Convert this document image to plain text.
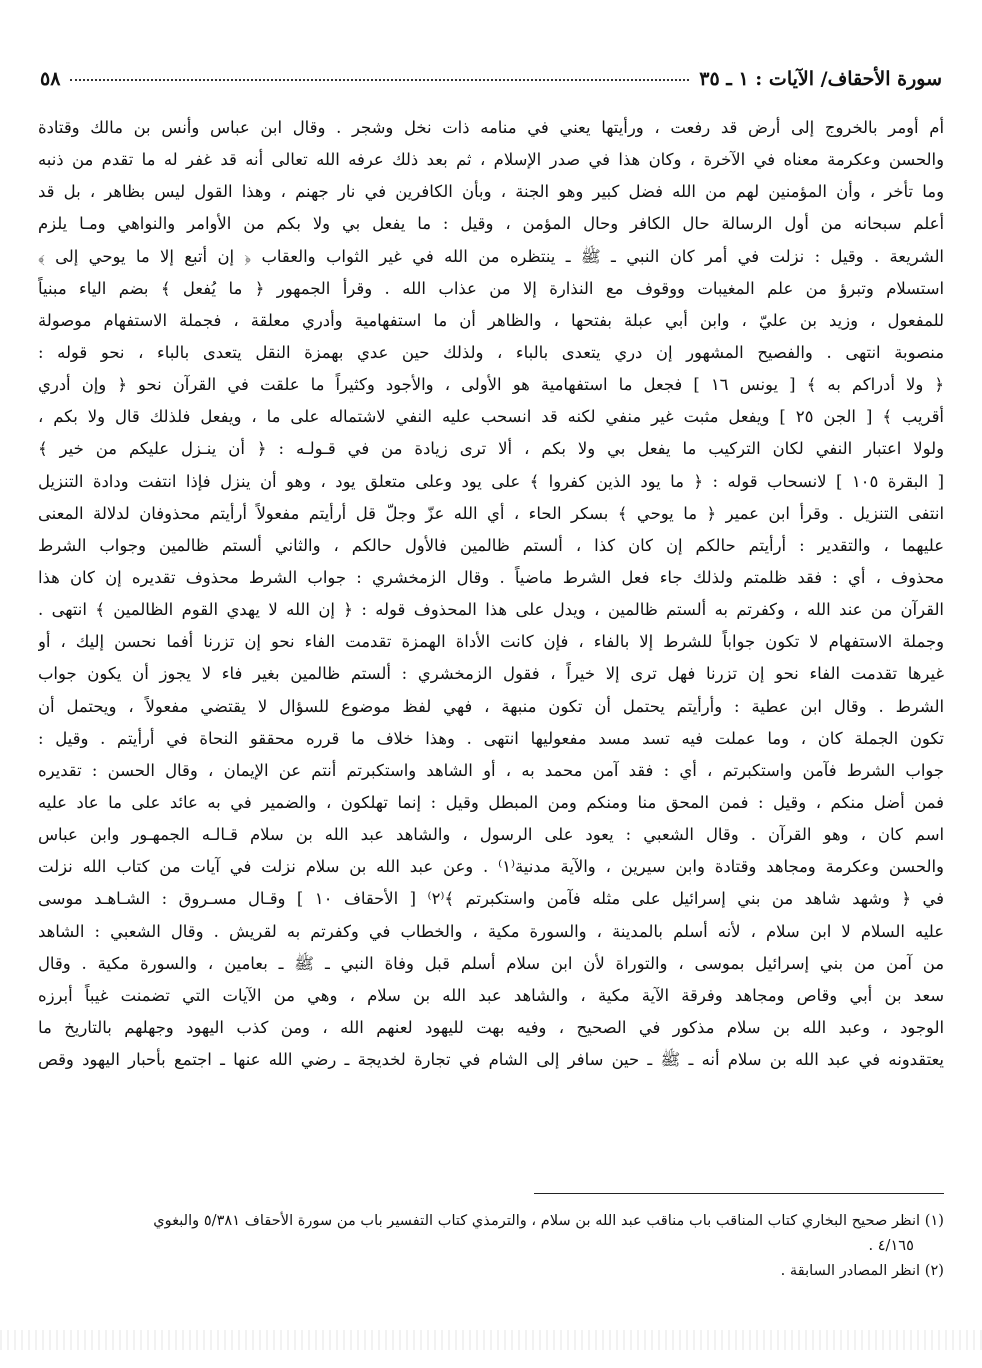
سورة الأحقاف/ الآيات : ١ ـ ٣٥
٥٨
أم أومر بالخروج إلى أرض قد رفعت ، ورأيتها يعني في منامه ذات نخل وشجر . وقال ابن عباس وأنس بن مالك وقتادة
والحسن وعكرمة معناه في الآخرة ، وكان هذا في صدر الإسلام ، ثم بعد ذلك عرفه الله تعالى أنه قد غفر له ما تقدم من ذنبه
وما تأخر ، وأن المؤمنين لهم من الله فضل كبير وهو الجنة ، وبأن الكافرين في نار جهنم ، وهذا القول ليس بظاهر ، بل قد
أعلم سبحانه من أول الرسالة حال الكافر وحال المؤمن ، وقيل : ما يفعل بي ولا بكم من الأوامر والنواهي ومـا يلزم
الشريعة . وقيل : نزلت في أمر كان النبي ـ ﷺ ـ ينتظره من الله في غير الثواب والعقاب ﴿ إن أتبع إلا ما يوحي إلى ﴾
استسلام وتبرؤ من علم المغيبات ووقوف مع النذارة إلا من عذاب الله . وقرأ الجمهور ﴿ ما يُفعل ﴾ بضم الياء مبنياً
للمفعول ، وزيد بن عليّ ، وابن أبي عبلة بفتحها ، والظاهر أن ما استفهامية وأدري معلقة ، فجملة الاستفهام موصولة
منصوبة انتهى . والفصيح المشهور إن دري يتعدى بالباء ، ولذلك حين عدي بهمزة النقل يتعدى بالباء ، نحو قوله :
﴿ ولا أدراكم به ﴾ [ يونس ١٦ ] فجعل ما استفهامية هو الأولى ، والأجود وكثيراً ما علقت في القرآن نحو ﴿ وإن أدري
أقريب ﴾ [ الجن ٢٥ ] ويفعل مثبت غير منفي لكنه قد انسحب عليه النفي لاشتماله على ما ، ويفعل فلذلك قال ولا بكم ،
ولولا اعتبار النفي لكان التركيب ما يفعل بي ولا بكم ، ألا ترى زيادة من في قـولـه : ﴿ أن ينـزل عليكم من خير ﴾
[ البقرة ١٠٥ ] لانسحاب قوله : ﴿ ما يود الذين كفروا ﴾ على يود وعلى متعلق يود ، وهو أن ينزل فإذا انتفت ودادة التنزيل
انتفى التنزيل . وقرأ ابن عمير ﴿ ما يوحي ﴾ بسكر الحاء ، أي الله عزّ وجلّ قل أرأيتم مفعولاً أرأيتم محذوفان لدلالة المعنى
عليهما ، والتقدير : أرأيتم حالكم إن كان كذا ، ألستم ظالمين فالأول حالكم ، والثاني ألستم ظالمين وجواب الشرط
محذوف ، أي : فقد ظلمتم ولذلك جاء فعل الشرط ماضياً . وقال الزمخشري : جواب الشرط محذوف تقديره إن كان هذا
القرآن من عند الله ، وكفرتم به ألستم ظالمين ، ويدل على هذا المحذوف قوله : ﴿ إن الله لا يهدي القوم الظالمين ﴾ انتهى .
وجملة الاستفهام لا تكون جواباً للشرط إلا بالفاء ، فإن كانت الأداة الهمزة تقدمت الفاء نحو إن تزرنا أفما نحسن إليك ، أو
غيرها تقدمت الفاء نحو إن تزرنا فهل ترى إلا خيراً ، فقول الزمخشري : ألستم ظالمين بغير فاء لا يجوز أن يكون جواب
الشرط . وقال ابن عطية : وأرأيتم يحتمل أن تكون منبهة ، فهي لفظ موضوع للسؤال لا يقتضي مفعولاً ، ويحتمل أن
تكون الجملة كان ، وما عملت فيه تسد مسد مفعوليها انتهى . وهذا خلاف ما قرره محققو النحاة في أرأيتم . وقيل :
جواب الشرط فآمن واستكبرتم ، أي : فقد آمن محمد به ، أو الشاهد واستكبرتم أنتم عن الإيمان ، وقال الحسن : تقديره
فمن أضل منكم ، وقيل : فمن المحق منا ومنكم ومن المبطل وقيل : إنما تهلكون ، والضمير في به عائد على ما عاد عليه
اسم كان ، وهو القرآن . وقال الشعبي : يعود على الرسول ، والشاهد عبد الله بن سلام قـالـه الجمهـور وابن عباس
والحسن وعكرمة ومجاهد وقتادة وابن سيرين ، والآية مدنية⁽١⁾ . وعن عبد الله بن سلام نزلت في آيات من كتاب الله نزلت
في ﴿ وشهد شاهد من بني إسرائيل على مثله فآمن واستكبرتم ﴾⁽٢⁾ [ الأحقاف ١٠ ] وقـال مسـروق : الشـاهـد موسى
عليه السلام لا ابن سلام ، لأنه أسلم بالمدينة ، والسورة مكية ، والخطاب في وكفرتم به لقريش . وقال الشعبي : الشاهد
من آمن من بني إسرائيل بموسى ، والتوراة لأن ابن سلام أسلم قبل وفاة النبي ـ ﷺ ـ بعامين ، والسورة مكية . وقال
سعد بن أبي وقاص ومجاهد وفرقة الآية مكية ، والشاهد عبد الله بن سلام ، وهي من الآيات التي تضمنت غيباً أبرزه
الوجود ، وعبد الله بن سلام مذكور في الصحيح ، وفيه بهت لليهود لعنهم الله ، ومن كذب اليهود وجهلهم بالتاريخ ما
يعتقدونه في عبد الله بن سلام أنه ـ ﷺ ـ حين سافر إلى الشام في تجارة لخديجة ـ رضي الله عنها ـ اجتمع بأحبار اليهود وقص
(١) انظر صحيح البخاري كتاب المناقب باب مناقب عبد الله بن سلام ، والترمذي كتاب التفسير باب من سورة الأحقاف ٥/٣٨١ والبغوي
٤/١٦٥ .
(٢) انظر المصادر السابقة .
